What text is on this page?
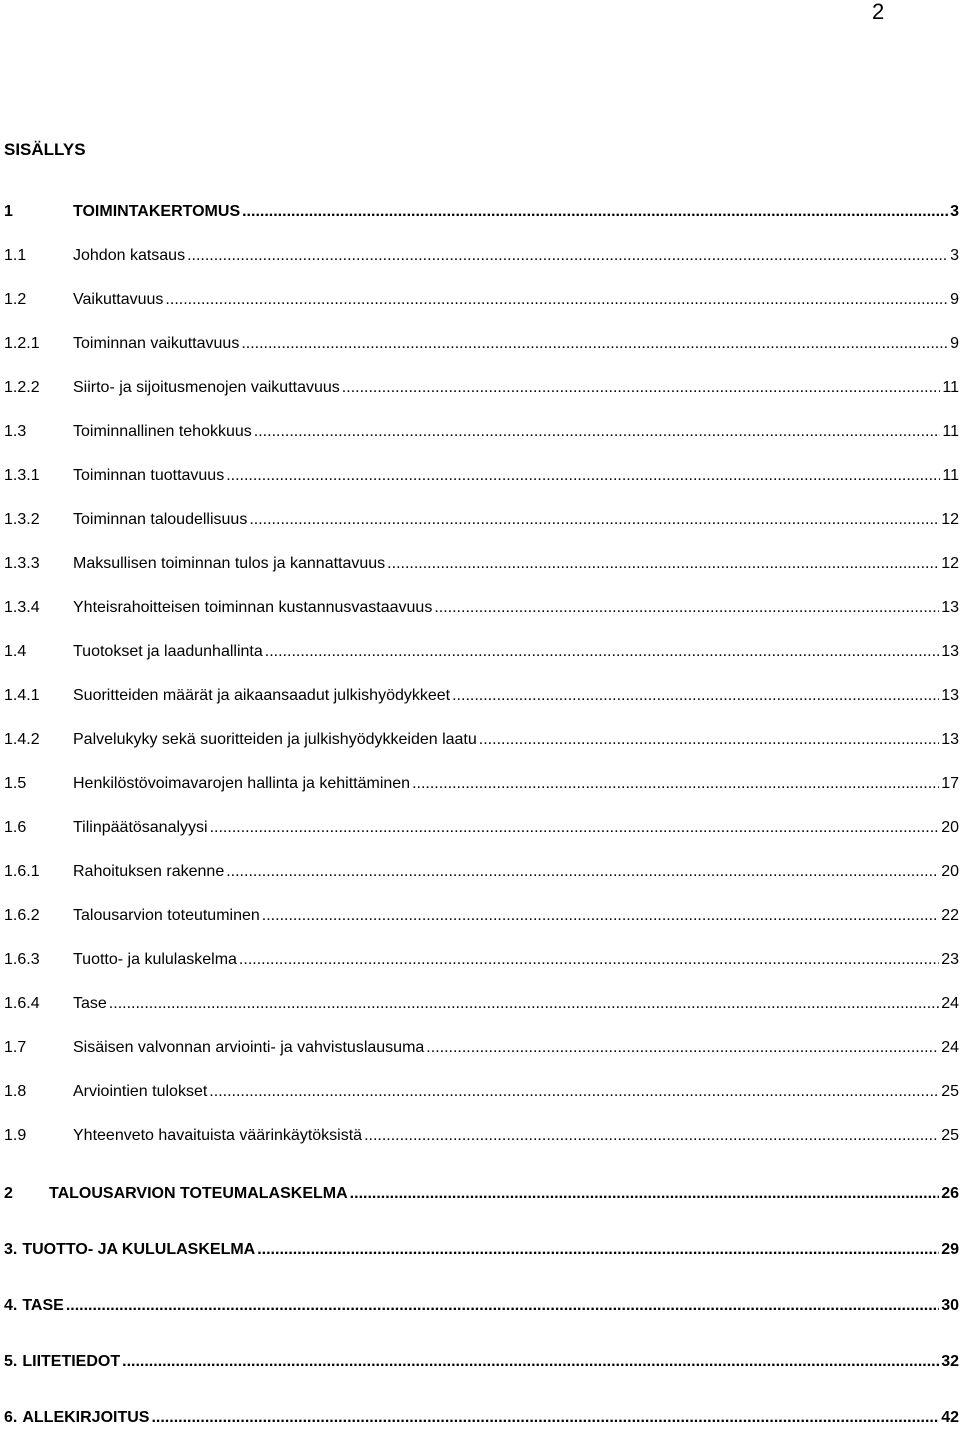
2
SISÄLLYS
1	TOIMINTAKERTOMUS .....	3
1.1	Johdon katsaus .....	3
1.2	Vaikuttavuus .....	9
1.2.1	Toiminnan vaikuttavuus .....	9
1.2.2	Siirto- ja sijoitusmenojen vaikuttavuus .....	11
1.3	Toiminnallinen tehokkuus .....	11
1.3.1	Toiminnan tuottavuus .....	11
1.3.2	Toiminnan taloudellisuus .....	12
1.3.3	Maksullisen toiminnan tulos ja kannattavuus .....	12
1.3.4	Yhteisrahoitteisen toiminnan kustannusvastaavuus .....	13
1.4	Tuotokset ja laadunhallinta .....	13
1.4.1	Suoritteiden määrät ja aikaansaadut julkishyödykkeet .....	13
1.4.2	Palvelukyky sekä suoritteiden ja julkishyödykkeiden laatu .....	13
1.5	Henkilöstövoimavarojen hallinta ja kehittäminen .....	17
1.6	Tilinpäätösanalyysi .....	20
1.6.1	Rahoituksen rakenne .....	20
1.6.2	Talousarvion toteutuminen .....	22
1.6.3	Tuotto- ja kululaskelma .....	23
1.6.4	Tase .....	24
1.7	Sisäisen valvonnan arviointi- ja vahvistuslausuma .....	24
1.8	Arviointien tulokset .....	25
1.9	Yhteenveto havaituista väärinkäytöksistä .....	25
2	TALOUSARVION TOTEUMALASKELMA .....	26
3. TUOTTO- JA KULULASKELMA .....	29
4. TASE .....	30
5. LIITETIEDOT .....	32
6. ALLEKIRJOITUS .....	42
